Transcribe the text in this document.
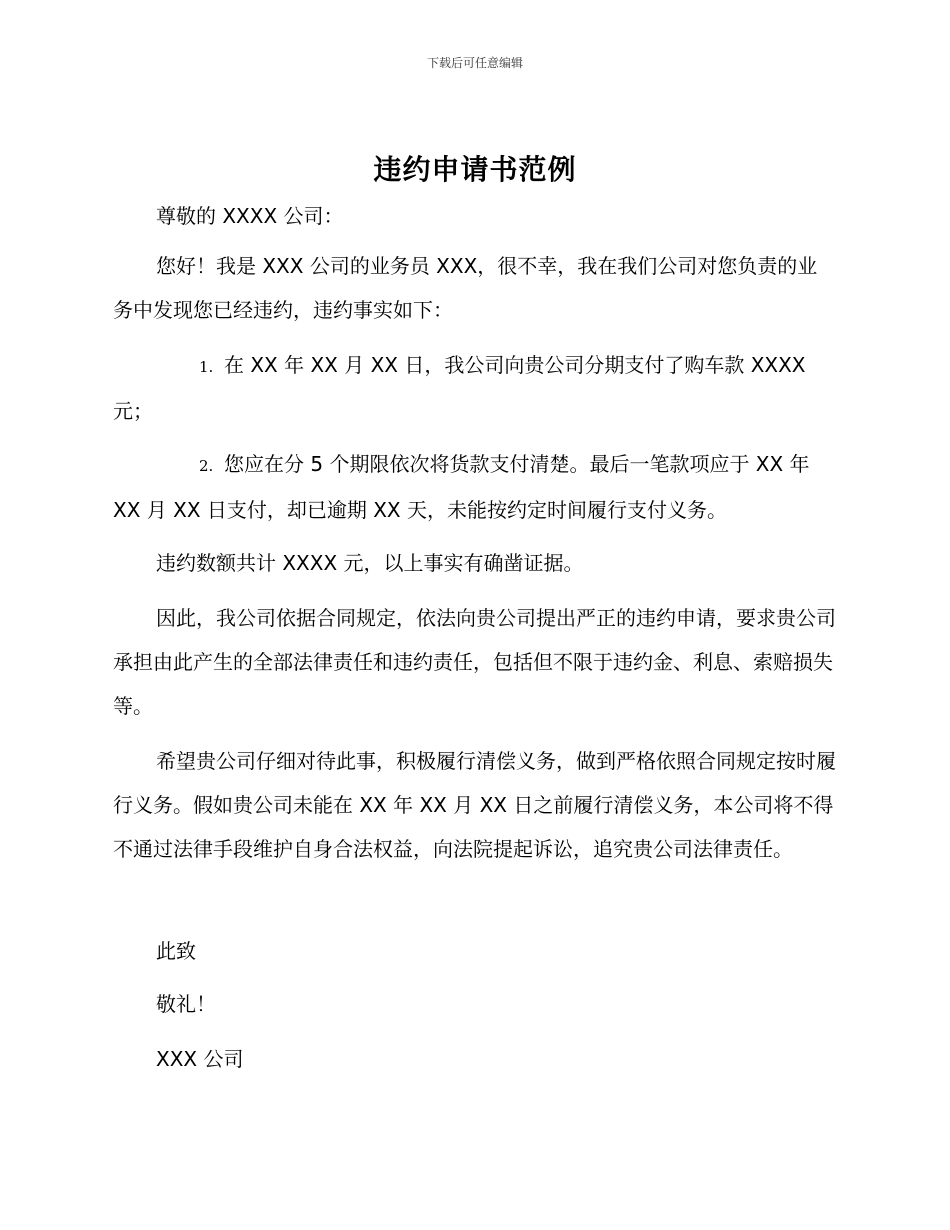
下载后可任意编辑
违约申请书范例
尊敬的 XXXX 公司：
您好！我是 XXX 公司的业务员 XXX，很不幸，我在我们公司对您负责的业务中发现您已经违约，违约事实如下：
1. 在 XX 年 XX 月 XX 日，我公司向贵公司分期支付了购车款 XXXX 元；
2. 您应在分 5 个期限依次将货款支付清楚。最后一笔款项应于 XX 年 XX 月 XX 日支付，却已逾期 XX 天，未能按约定时间履行支付义务。
违约数额共计 XXXX 元，以上事实有确凿证据。
因此，我公司依据合同规定，依法向贵公司提出严正的违约申请，要求贵公司承担由此产生的全部法律责任和违约责任，包括但不限于违约金、利息、索赔损失等。
希望贵公司仔细对待此事，积极履行清偿义务，做到严格依照合同规定按时履行义务。假如贵公司未能在 XX 年 XX 月 XX 日之前履行清偿义务，本公司将不得不通过法律手段维护自身合法权益，向法院提起诉讼，追究贵公司法律责任。
此致
敬礼！
XXX 公司
